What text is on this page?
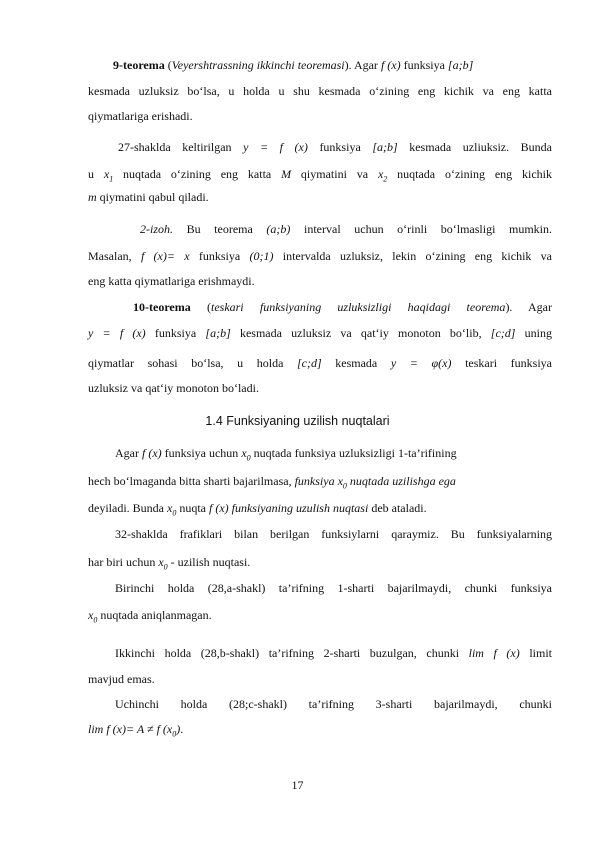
9-teorema (Veyershtrassning ikkinchi teoremasi). Agar f (x) funksiya [a;b]
kesmada uzluksiz bo‘lsa, u holda u shu kesmada o‘zining eng kichik va eng katta
qiymatlariga erishadi.
27-shaklda keltirilgan y = f (x) funksiya [a;b] kesmada uzliuksiz. Bunda
u $x_1$ nuqtada o‘zining eng katta M qiymatini va $x_2$ nuqtada o‘zining eng kichik
m qiymatini qabul qiladi.
2-izoh. Bu teorema (a;b) interval uchun o‘rinli bo‘lmasligi mumkin.
Masalan, f (x)= x funksiya (0;1) intervalda uzluksiz, lekin o‘zining eng kichik va
eng katta qiymatlariga erishmaydi.
10-teorema (teskari funksiyaning uzluksizligi haqidagi teorema). Agar
y = f (x) funksiya [a;b] kesmada uzluksiz va qat‘iy monoton bo‘lib, [c;d] uning
qiymatlar sohasi bo‘lsa, u holda [c;d] kesmada y = φ(x) teskari funksiya
uzluksiz va qat‘iy monoton bo‘ladi.
Agar f (x) funksiya uchun $x_0$ nuqtada funksiya uzluksizligi 1-ta’rifining
hech bo‘lmaganda bitta sharti bajarilmasa, funksiya $x_0$ nuqtada uzilishga ega
deyiladi. Bunda $x_0$ nuqta f (x) funksiyaning uzulish nuqtasi deb ataladi.
32-shaklda frafiklari bilan berilgan funksiylarni qaraymiz. Bu funksiyalarning
har biri uchun $x_0$ - uzilish nuqtasi.
Birinchi holda (28,a-shakl) ta’rifning 1-sharti bajarilmaydi, chunki funksiya
$x_0$ nuqtada aniqlanmagan.
Ikkinchi holda (28,b-shakl) ta’rifning 2-sharti buzulgan, chunki lim f (x) limit
mavjud emas.
Uchinchi holda (28;c-shakl) ta’rifning 3-sharti bajarilmaydi, chunki
lim f (x)= A ≠ f $(x_0)$.
1.4 Funksiyaning uzilish nuqtalari
17
